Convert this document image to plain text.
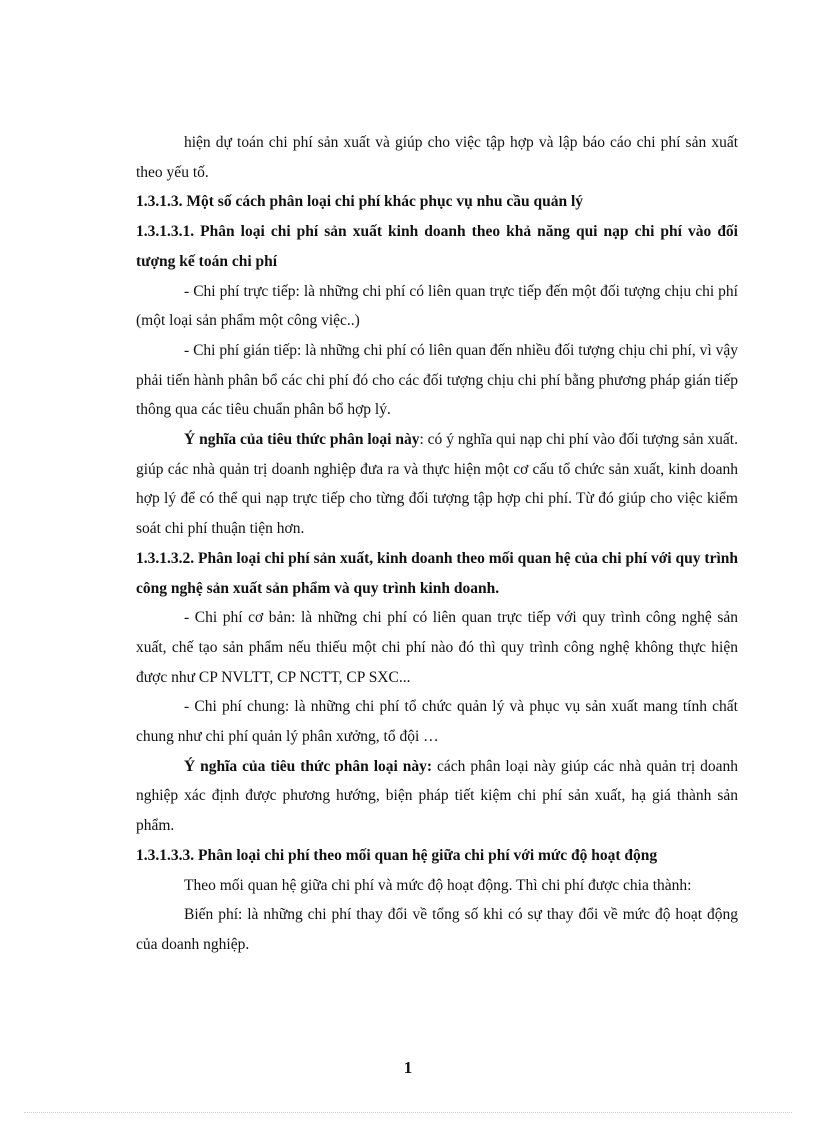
hiện dự toán chi phí sản xuất và giúp cho việc tập hợp và lập báo cáo chi phí sản xuất theo yếu tố.

1.3.1.3. Một số cách phân loại chi phí khác phục vụ nhu cầu quản lý

1.3.1.3.1. Phân loại chi phí sản xuất kinh doanh theo khả năng qui nạp chi phí vào đối tượng kế toán chi phí

- Chi phí trực tiếp: là những chi phí có liên quan trực tiếp đến một đối tượng chịu chi phí (một loại sản phẩm một công việc..)

- Chi phí gián tiếp: là những chi phí có liên quan đến nhiều đối tượng chịu chi phí, vì vậy phải tiến hành phân bổ các chi phí đó cho các đối tượng chịu chi phí bằng phương pháp gián tiếp thông qua các tiêu chuẩn phân bổ hợp lý.

Ý nghĩa của tiêu thức phân loại này: có ý nghĩa qui nạp chi phí vào đối tượng sản xuất. giúp các nhà quản trị doanh nghiệp đưa ra và thực hiện một cơ cấu tổ chức sản xuất, kinh doanh hợp lý để có thể qui nạp trực tiếp cho từng đối tượng tập hợp chi phí. Từ đó giúp cho việc kiểm soát chi phí thuận tiện hơn.

1.3.1.3.2. Phân loại chi phí sản xuất, kinh doanh theo mối quan hệ của chi phí với quy trình công nghệ sản xuất sản phẩm và quy trình kinh doanh.

- Chi phí cơ bản: là những chi phí có liên quan trực tiếp với quy trình công nghệ sản xuất, chế tạo sản phẩm nếu thiếu một chi phí nào đó thì quy trình công nghệ không thực hiện được như CP NVLTT, CP NCTT, CP SXC...

- Chi phí chung: là những chi phí tổ chức quản lý và phục vụ sản xuất mang tính chất chung như chi phí quản lý phân xưởng, tổ đội …

Ý nghĩa của tiêu thức phân loại này: cách phân loại này giúp các nhà quản trị doanh nghiệp xác định được phương hướng, biện pháp tiết kiệm chi phí sản xuất, hạ giá thành sản phẩm.

1.3.1.3.3. Phân loại chi phí theo mối quan hệ giữa chi phí với mức độ hoạt động

Theo mối quan hệ giữa chi phí và mức độ hoạt động. Thì chi phí được chia thành:

Biến phí: là những chi phí thay đổi về tổng số khi có sự thay đổi về mức độ hoạt động của doanh nghiệp.

1
